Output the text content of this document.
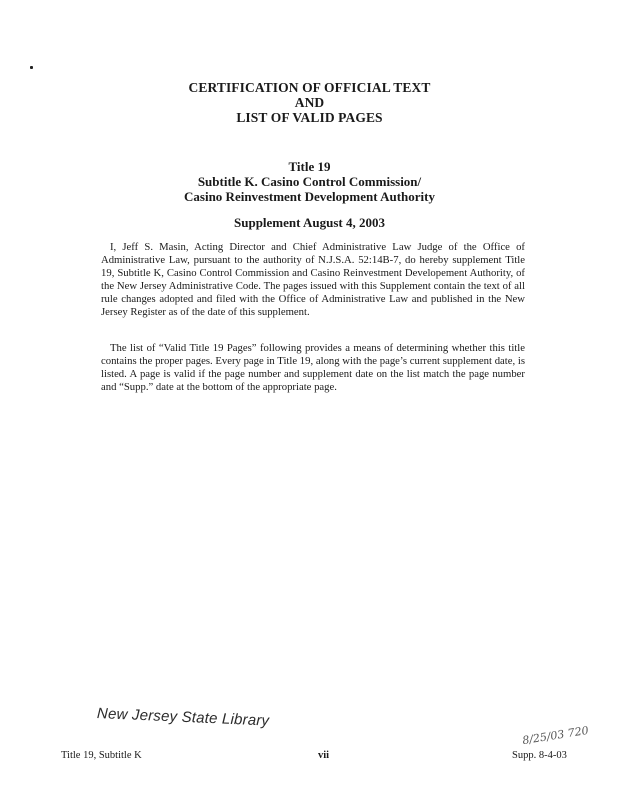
CERTIFICATION OF OFFICIAL TEXT
AND
LIST OF VALID PAGES
Title 19
Subtitle K. Casino Control Commission/
Casino Reinvestment Development Authority
Supplement August 4, 2003

I, Jeff S. Masin, Acting Director and Chief Administrative Law Judge of the Office of Administrative Law, pursuant to the authority of N.J.S.A. 52:14B-7, do hereby supplement Title 19, Subtitle K, Casino Control Commission and Casino Reinvestment Developement Authority, of the New Jersey Administrative Code. The pages issued with this Supplement contain the text of all rule changes adopted and filed with the Office of Administrative Law and published in the New Jersey Register as of the date of this supplement.

The list of “Valid Title 19 Pages” following provides a means of determining whether this title contains the proper pages. Every page in Title 19, along with the page’s current supplement date, is listed. A page is valid if the page number and supplement date on the list match the page number and “Supp.” date at the bottom of the appropriate page.

New Jersey State Library
8/25/03 720
Title 19, Subtitle K	vii	Supp. 8-4-03
